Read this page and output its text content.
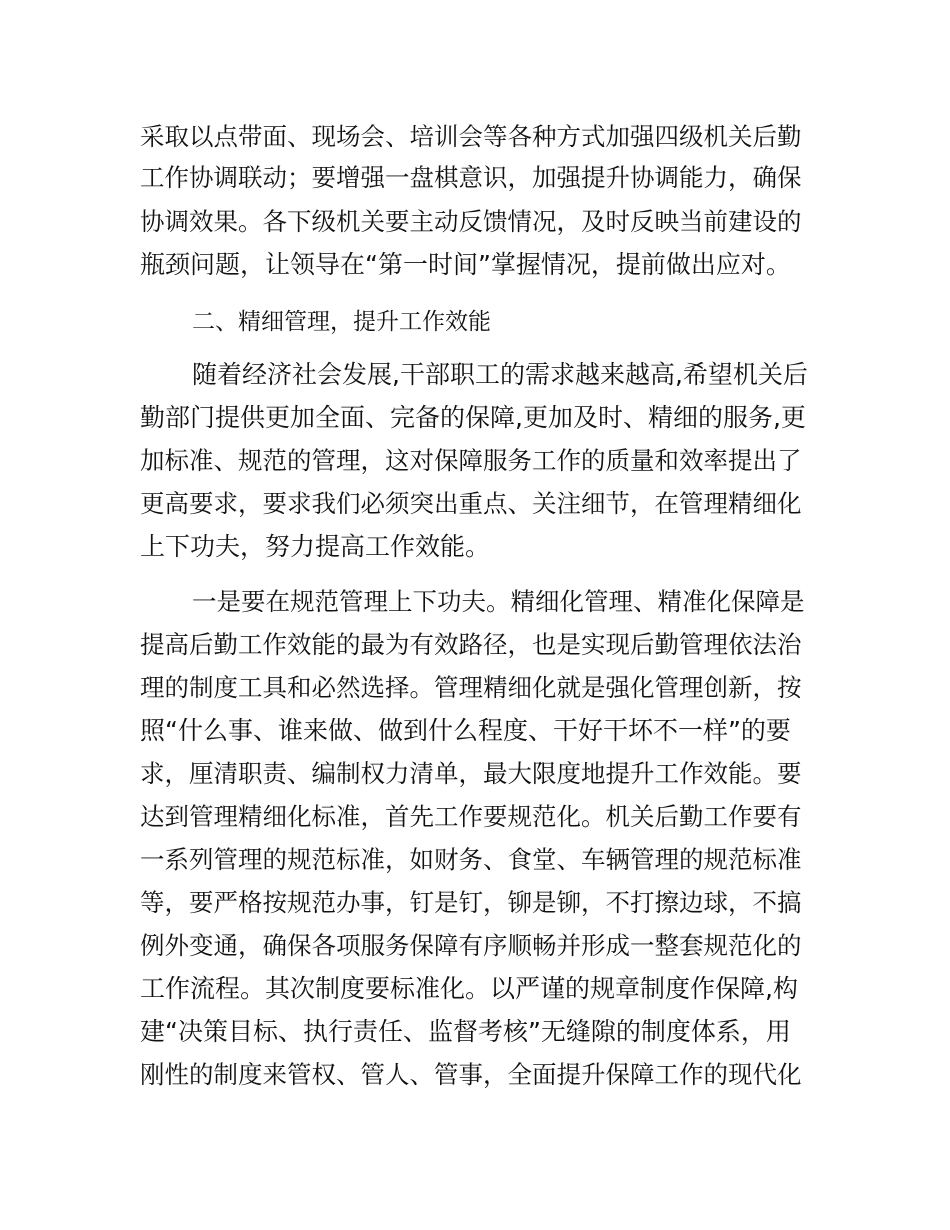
采取以点带面、现场会、培训会等各种方式加强四级机关后勤
工作协调联动；要增强一盘棋意识，加强提升协调能力，确保
协调效果。各下级机关要主动反馈情况，及时反映当前建设的
瓶颈问题，让领导在“第一时间”掌握情况，提前做出应对。
二、精细管理，提升工作效能
随着经济社会发展,干部职工的需求越来越高,希望机关后
勤部门提供更加全面、完备的保障,更加及时、精细的服务,更
加标准、规范的管理，这对保障服务工作的质量和效率提出了
更高要求，要求我们必须突出重点、关注细节，在管理精细化
上下功夫，努力提高工作效能。
一是要在规范管理上下功夫。精细化管理、精准化保障是
提高后勤工作效能的最为有效路径，也是实现后勤管理依法治
理的制度工具和必然选择。管理精细化就是强化管理创新，按
照“什么事、谁来做、做到什么程度、干好干坏不一样”的要
求，厘清职责、编制权力清单，最大限度地提升工作效能。要
达到管理精细化标准，首先工作要规范化。机关后勤工作要有
一系列管理的规范标准，如财务、食堂、车辆管理的规范标准
等，要严格按规范办事，钉是钉，铆是铆，不打擦边球，不搞
例外变通，确保各项服务保障有序顺畅并形成一整套规范化的
工作流程。其次制度要标准化。以严谨的规章制度作保障,构
建“决策目标、执行责任、监督考核”无缝隙的制度体系，用
刚性的制度来管权、管人、管事，全面提升保障工作的现代化
